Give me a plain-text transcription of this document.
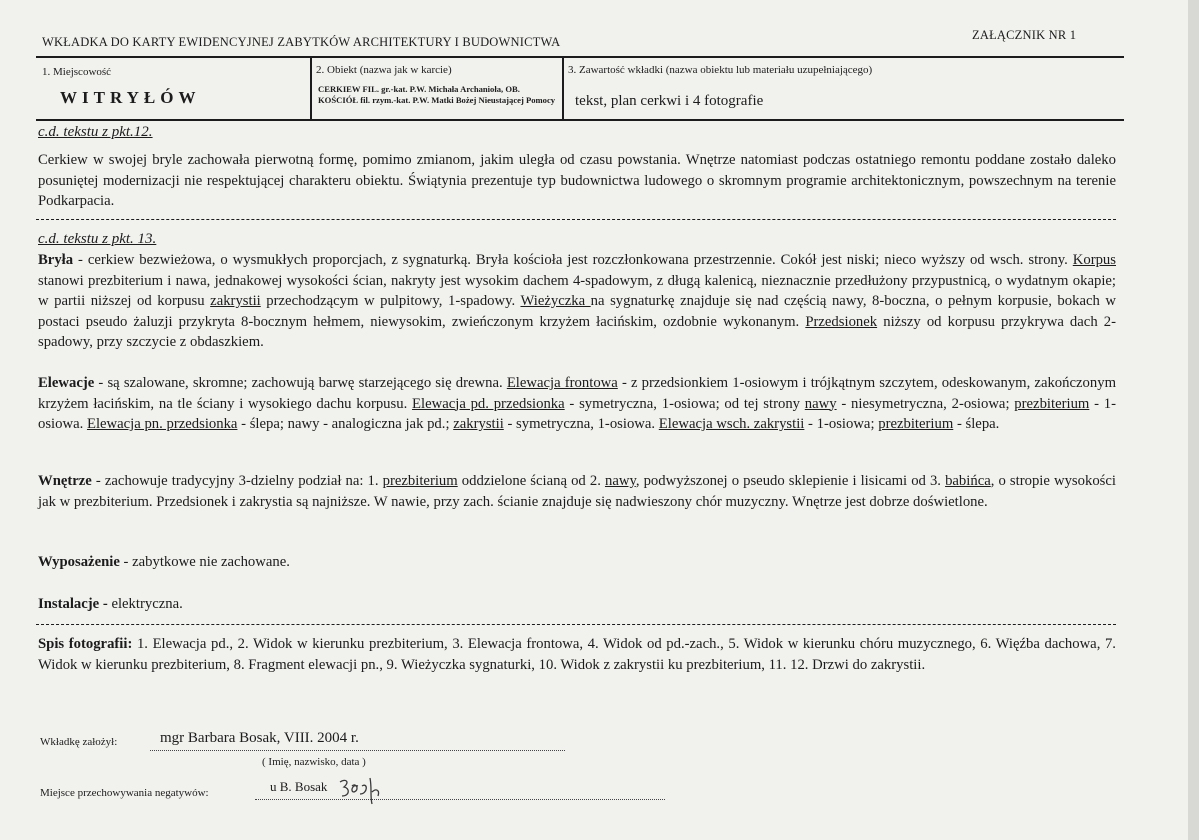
WKŁADKA DO KARTY EWIDENCYJNEJ ZABYTKÓW ARCHITEKTURY I BUDOWNICTWA	ZAŁĄCZNIK NR 1
1. Miejscowość
WITRYŁÓW
2. Obiekt (nazwa jak w karcie)
CERKIEW FIL. gr.-kat. P.W. Michała Archanioła, OB. KOŚCIÓŁ fil. rzym.-kat. P.W. Matki Bożej Nieustającej Pomocy
3. Zawartość wkładki (nazwa obiektu lub materiału uzupełniającego)
tekst, plan cerkwi i 4 fotografie
c.d. tekstu z pkt.12.
Cerkiew w swojej bryle zachowała pierwotną formę, pomimo zmianom, jakim uległa od czasu powstania. Wnętrze natomiast podczas ostatniego remontu poddane zostało daleko posuniętej modernizacji nie respektującej charakteru obiektu. Świątynia prezentuje typ budownictwa ludowego o skromnym programie architektonicznym, powszechnym na terenie Podkarpacia.
c.d. tekstu z pkt. 13.
Bryła - cerkiew bezwieżowa, o wysmukłych proporcjach, z sygnaturką. Bryła kościoła jest rozczłonkowana przestrzennie. Cokół jest niski; nieco wyższy od wsch. strony. Korpus stanowi prezbiterium i nawa, jednakowej wysokości ścian, nakryty jest wysokim dachem 4-spadowym, z długą kalenicą, nieznacznie przedłużony przypustnicą, o wydatnym okapie; w partii niższej od korpusu zakrystii przechodzącym w pulpitowy, 1-spadowy. Wieżyczka na sygnaturkę znajduje się nad częścią nawy, 8-boczna, o pełnym korpusie, bokach w postaci pseudo żaluzji przykryta 8-bocznym hełmem, niewysokim, zwieńczonym krzyżem łacińskim, ozdobnie wykonanym. Przedsionek niższy od korpusu przykrywa dach 2-spadowy, przy szczycie z obdaszkiem.
Elewacje - są szalowane, skromne; zachowują barwę starzejącego się drewna. Elewacja frontowa - z przedsionkiem 1-osiowym i trójkątnym szczytem, odeskowanym, zakończonym krzyżem łacińskim, na tle ściany i wysokiego dachu korpusu. Elewacja pd. przedsionka - symetryczna, 1-osiowa; od tej strony nawy - niesymetryczna, 2-osiowa; prezbiterium - 1-osiowa. Elewacja pn. przedsionka - ślepa; nawy - analogiczna jak pd.; zakrystii - symetryczna, 1-osiowa. Elewacja wsch. zakrystii - 1-osiowa; prezbiterium - ślepa.
Wnętrze - zachowuje tradycyjny 3-dzielny podział na: 1. prezbiterium oddzielone ścianą od 2. nawy, podwyższonej o pseudo sklepienie i lisicami od 3. babińca, o stropie wysokości jak w prezbiterium. Przedsionek i zakrystia są najniższe. W nawie, przy zach. ścianie znajduje się nadwieszony chór muzyczny. Wnętrze jest dobrze doświetlone.
Wyposażenie - zabytkowe nie zachowane.
Instalacje - elektryczna.
Spis fotografii: 1. Elewacja pd., 2. Widok w kierunku prezbiterium, 3. Elewacja frontowa, 4. Widok od pd.-zach., 5. Widok w kierunku chóru muzycznego, 6. Więźba dachowa, 7. Widok w kierunku prezbiterium, 8. Fragment elewacji pn., 9. Wieżyczka sygnaturki, 10. Widok z zakrystii ku prezbiterium, 11. 12. Drzwi do zakrystii.
Wkładkę założył:	mgr Barbara Bosak, VIII. 2004 r.
( Imię, nazwisko, data )
Miejsce przechowywania negatywów:	u B. Bosak
